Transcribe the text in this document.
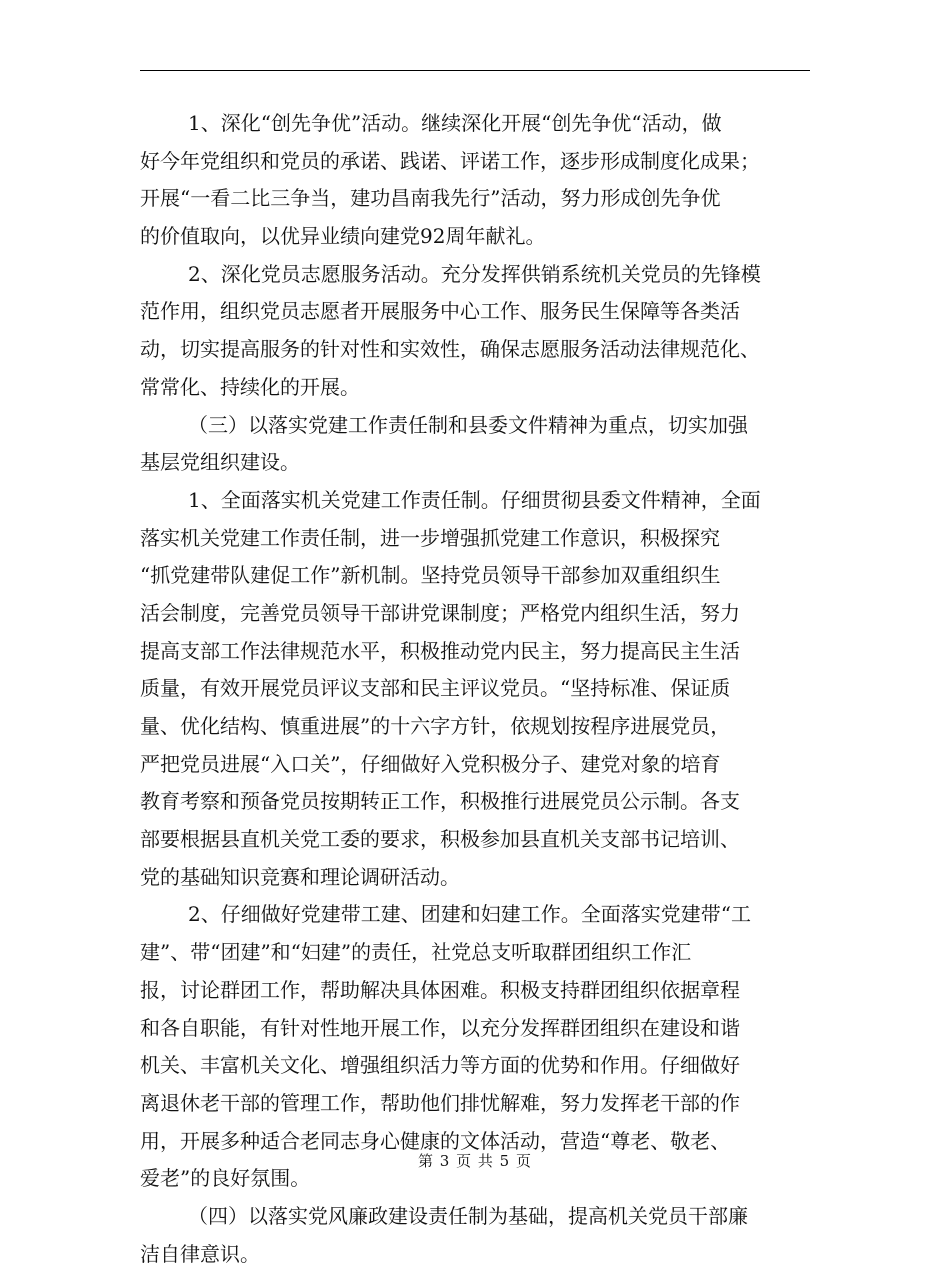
1、深化“创先争优”活动。继续深化开展“创先争优“活动，做
好今年党组织和党员的承诺、践诺、评诺工作，逐步形成制度化成果；
开展“一看二比三争当，建功昌南我先行”活动，努力形成创先争优
的价值取向，以优异业绩向建党92周年献礼。
2、深化党员志愿服务活动。充分发挥供销系统机关党员的先锋模
范作用，组织党员志愿者开展服务中心工作、服务民生保障等各类活
动，切实提高服务的针对性和实效性，确保志愿服务活动法律规范化、
常常化、持续化的开展。
（三）以落实党建工作责任制和县委文件精神为重点，切实加强
基层党组织建设。
1、全面落实机关党建工作责任制。仔细贯彻县委文件精神，全面
落实机关党建工作责任制，进一步增强抓党建工作意识，积极探究
“抓党建带队建促工作”新机制。坚持党员领导干部参加双重组织生
活会制度，完善党员领导干部讲党课制度；严格党内组织生活，努力
提高支部工作法律规范水平，积极推动党内民主，努力提高民主生活
质量，有效开展党员评议支部和民主评议党员。“坚持标准、保证质
量、优化结构、慎重进展”的十六字方针，依规划按程序进展党员，
严把党员进展“入口关”，仔细做好入党积极分子、建党对象的培育
教育考察和预备党员按期转正工作，积极推行进展党员公示制。各支
部要根据县直机关党工委的要求，积极参加县直机关支部书记培训、
党的基础知识竞赛和理论调研活动。
2、仔细做好党建带工建、团建和妇建工作。全面落实党建带“工
建”、带“团建”和“妇建”的责任，社党总支听取群团组织工作汇
报，讨论群团工作，帮助解决具体困难。积极支持群团组织依据章程
和各自职能，有针对性地开展工作，以充分发挥群团组织在建设和谐
机关、丰富机关文化、增强组织活力等方面的优势和作用。仔细做好
离退休老干部的管理工作，帮助他们排忧解难，努力发挥老干部的作
用，开展多种适合老同志身心健康的文体活动，营造“尊老、敬老、
爱老”的良好氛围。
（四）以落实党风廉政建设责任制为基础，提高机关党员干部廉
洁自律意识。
第 3 页 共 5 页
